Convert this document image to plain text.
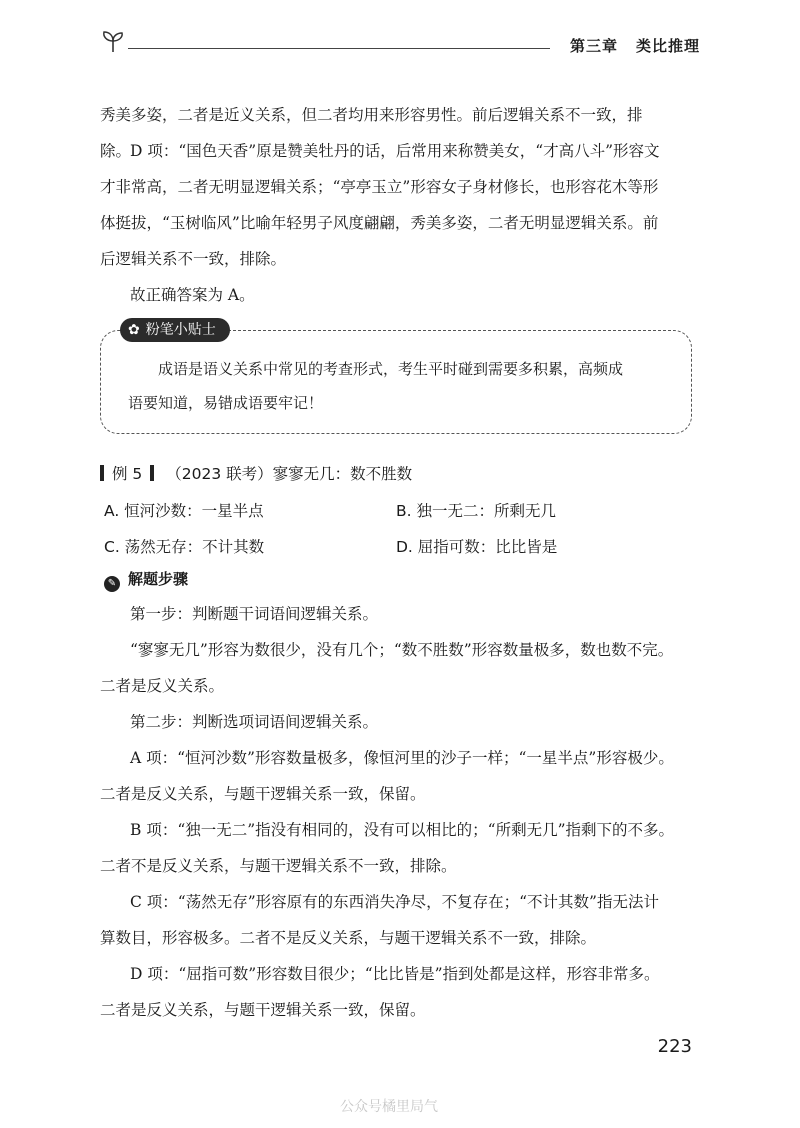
第三章 类比推理
秀美多姿，二者是近义关系，但二者均用来形容男性。前后逻辑关系不一致，排除。
D 项：“国色天香”原是赞美牡丹的话，后常用来称赞美女，“才高八斗”形容文
才非常高，二者无明显逻辑关系；“亭亭玉立”形容女子身材修长，也形容花木等形
体挺拔，“玉树临风”比喻年轻男子风度翩翩，秀美多姿，二者无明显逻辑关系。前
后逻辑关系不一致，排除。
故正确答案为 A。
✿ 粉笔小贴士
成语是语义关系中常见的考查形式，考生平时碰到需要多积累，高频成
语要知道，易错成语要牢记！
例 5 （2023 联考）寥寥无几：数不胜数
A. 恒河沙数：一星半点	B. 独一无二：所剩无几
C. 荡然无存：不计其数	D. 屈指可数：比比皆是
✎ 解题步骤
第一步：判断题干词语间逻辑关系。
“寥寥无几”形容为数很少，没有几个；“数不胜数”形容数量极多，数也数不完。
二者是反义关系。
第二步：判断选项词语间逻辑关系。
A 项：“恒河沙数”形容数量极多，像恒河里的沙子一样；“一星半点”形容极少。
二者是反义关系，与题干逻辑关系一致，保留。
B 项：“独一无二”指没有相同的，没有可以相比的；“所剩无几”指剩下的不多。
二者不是反义关系，与题干逻辑关系不一致，排除。
C 项：“荡然无存”形容原有的东西消失净尽，不复存在；“不计其数”指无法计
算数目，形容极多。二者不是反义关系，与题干逻辑关系不一致，排除。
D 项：“屈指可数”形容数目很少；“比比皆是”指到处都是这样，形容非常多。
二者是反义关系，与题干逻辑关系一致，保留。
223
公众号橘里局气
